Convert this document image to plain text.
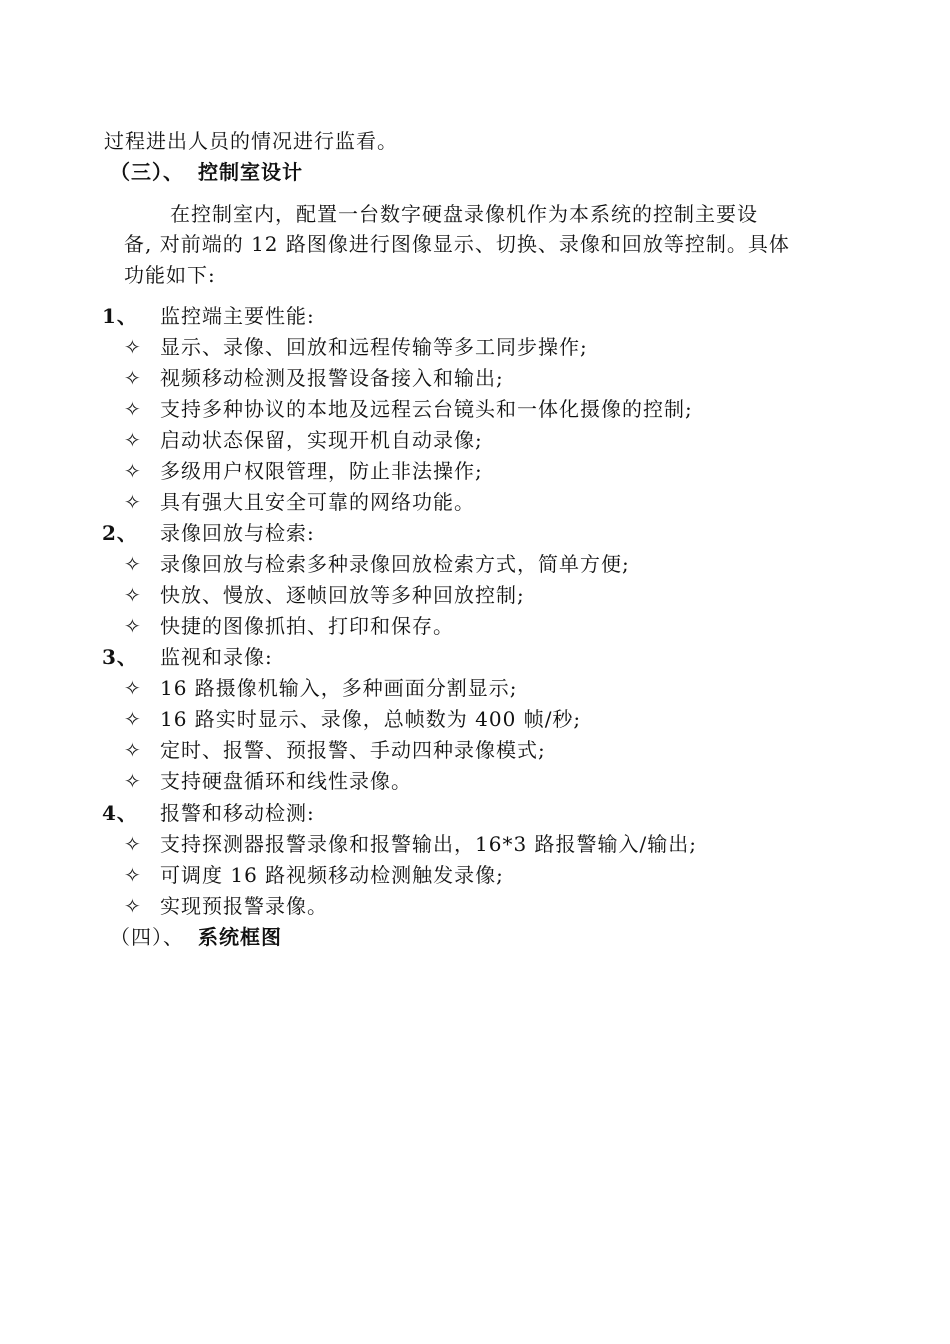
过程进出人员的情况进行监看。
（三）、 控制室设计
在控制室内，配置一台数字硬盘录像机作为本系统的控制主要设
备, 对前端的 12 路图像进行图像显示、切换、录像和回放等控制。具体
功能如下:
1、 监控端主要性能:
✧ 显示、录像、回放和远程传输等多工同步操作;
✧ 视频移动检测及报警设备接入和输出;
✧ 支持多种协议的本地及远程云台镜头和一体化摄像的控制;
✧ 启动状态保留，实现开机自动录像;
✧ 多级用户权限管理，防止非法操作;
✧ 具有强大且安全可靠的网络功能。
2、 录像回放与检索:
✧ 录像回放与检索多种录像回放检索方式，简单方便;
✧ 快放、慢放、逐帧回放等多种回放控制;
✧ 快捷的图像抓拍、打印和保存。
3、 监视和录像:
✧ 16 路摄像机输入，多种画面分割显示;
✧ 16 路实时显示、录像，总帧数为 400 帧/秒;
✧ 定时、报警、预报警、手动四种录像模式;
✧ 支持硬盘循环和线性录像。
4、 报警和移动检测:
✧ 支持探测器报警录像和报警输出，16*3 路报警输入/输出;
✧ 可调度 16 路视频移动检测触发录像;
✧ 实现预报警录像。
（四）、 系统框图
